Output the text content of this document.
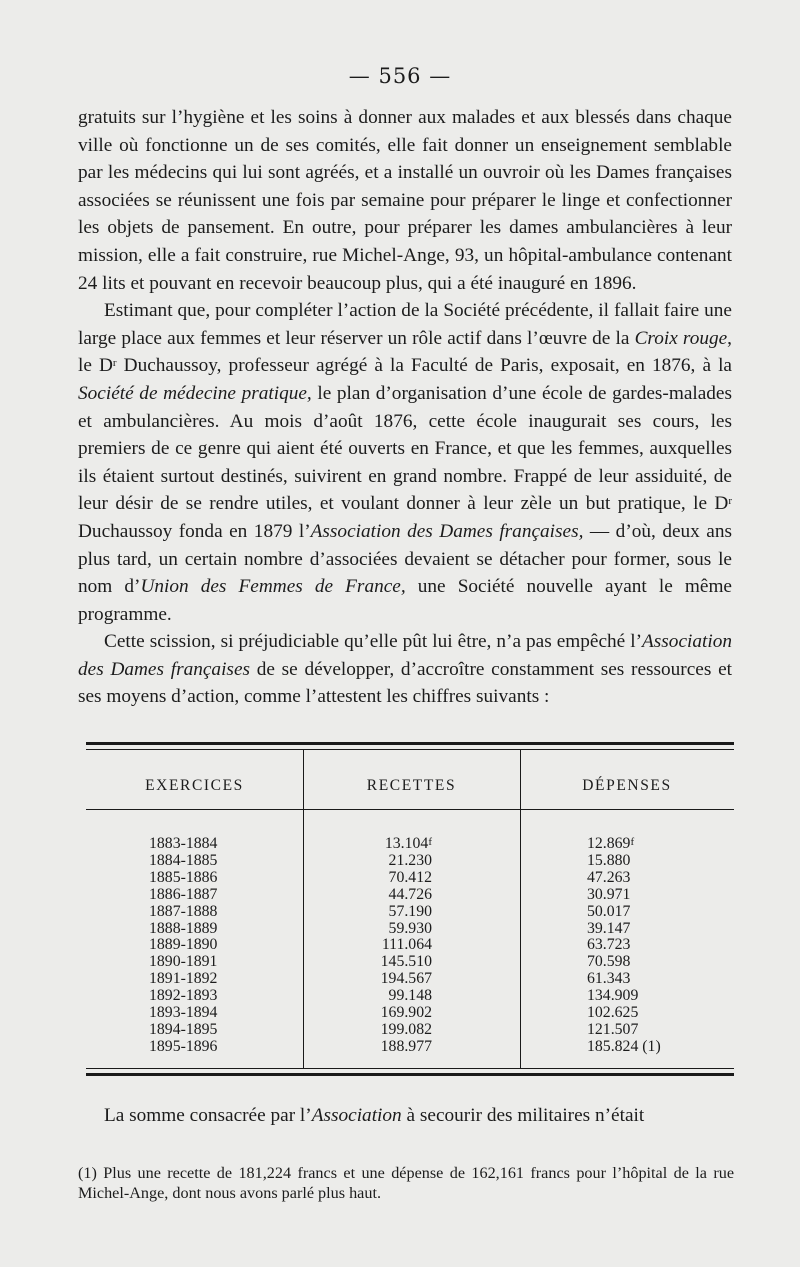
— 556 —

gratuits sur l’hygiène et les soins à donner aux malades et aux blessés dans chaque ville où fonctionne un de ses comités, elle fait donner un enseignement semblable par les médecins qui lui sont agréés, et a installé un ouvroir où les Dames françaises associées se réunissent une fois par semaine pour préparer le linge et confectionner les objets de pansement. En outre, pour préparer les dames ambulancières à leur mission, elle a fait construire, rue Michel-Ange, 93, un hôpital-ambulance contenant 24 lits et pouvant en recevoir beaucoup plus, qui a été inauguré en 1896.

Estimant que, pour compléter l’action de la Société précédente, il fallait faire une large place aux femmes et leur réserver un rôle actif dans l’œuvre de la Croix rouge, le $D^r$ Duchaussoy, professeur agrégé à la Faculté de Paris, exposait, en 1876, à la Société de médecine pratique, le plan d’organisation d’une école de gardes-malades et ambulancières. Au mois d’août 1876, cette école inaugurait ses cours, les premiers de ce genre qui aient été ouverts en France, et que les femmes, auxquelles ils étaient surtout destinés, suivirent en grand nombre. Frappé de leur assiduité, de leur désir de se rendre utiles, et voulant donner à leur zèle un but pratique, le $D^r$ Duchaussoy fonda en 1879 l’Association des Dames françaises, — d’où, deux ans plus tard, un certain nombre d’associées devaient se détacher pour former, sous le nom d’Union des Femmes de France, une Société nouvelle ayant le même programme.

Cette scission, si préjudiciable qu’elle pût lui être, n’a pas empêché l’Association des Dames françaises de se développer, d’accroître constamment ses ressources et ses moyens d’action, comme l’attestent les chiffres suivants :

EXERCICES	RECETTES	DÉPENSES
1883-1884
1884-1885
1885-1886
1886-1887
1887-1888
1888-1889
1889-1890
1890-1891
1891-1892
1892-1893
1893-1894
1894-1895
1895-1896
13.104$^f$
21.230
70.412
44.726
57.190
59.930
111.064
145.510
194.567
99.148
169.902
199.082
188.977
12.869$^f$
15.880
47.263
30.971
50.017
39.147
63.723
70.598
61.343
134.909
102.625
121.507
185.824 (1)

La somme consacrée par l’Association à secourir des militaires n’était

(1) Plus une recette de 181,224 francs et une dépense de 162,161 francs pour l’hôpital de la rue Michel-Ange, dont nous avons parlé plus haut.
